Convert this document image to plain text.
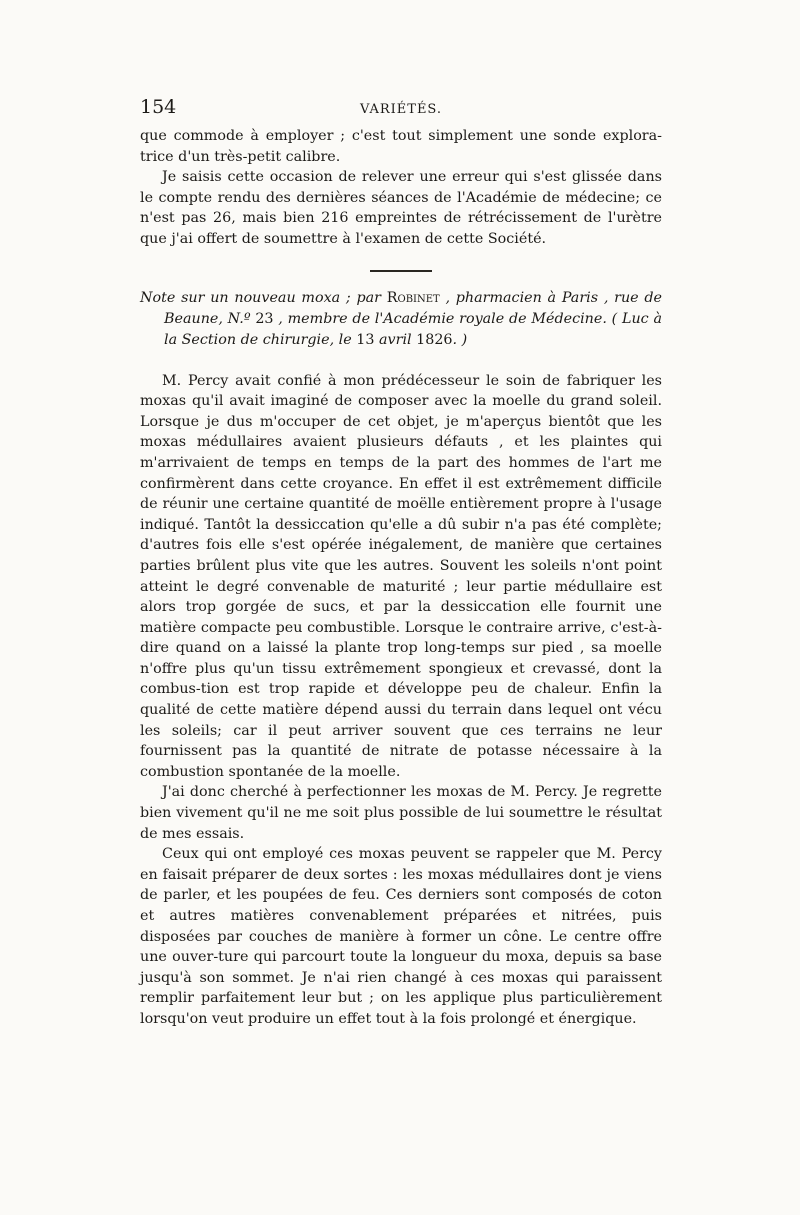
154	VARIÉTÉS.

que commode à employer ; c'est tout simplement une sonde explora-trice d'un très-petit calibre.

Je saisis cette occasion de relever une erreur qui s'est glissée dans le compte rendu des dernières séances de l'Académie de médecine; ce n'est pas 26, mais bien 216 empreintes de rétrécissement de l'urètre que j'ai offert de soumettre à l'examen de cette Société.

Note sur un nouveau moxa ; par Robinet , pharmacien à Paris , rue de Beaune, N.º 23 , membre de l'Académie royale de Médecine. ( Luc à la Section de chirurgie, le 13 avril 1826. )

M. Percy avait confié à mon prédécesseur le soin de fabriquer les moxas qu'il avait imaginé de composer avec la moelle du grand soleil. Lorsque je dus m'occuper de cet objet, je m'aperçus bientôt que les moxas médullaires avaient plusieurs défauts , et les plaintes qui m'arrivaient de temps en temps de la part des hommes de l'art me confirmèrent dans cette croyance. En effet il est extrêmement difficile de réunir une certaine quantité de moëlle entièrement propre à l'usage indiqué. Tantôt la dessiccation qu'elle a dû subir n'a pas été complète; d'autres fois elle s'est opérée inégalement, de manière que certaines parties brûlent plus vite que les autres. Souvent les soleils n'ont point atteint le degré convenable de maturité ; leur partie médullaire est alors trop gorgée de sucs, et par la dessiccation elle fournit une matière compacte peu combustible. Lorsque le contraire arrive, c'est-à-dire quand on a laissé la plante trop long-temps sur pied , sa moelle n'offre plus qu'un tissu extrêmement spongieux et crevassé, dont la combus-tion est trop rapide et développe peu de chaleur. Enfin la qualité de cette matière dépend aussi du terrain dans lequel ont vécu les soleils; car il peut arriver souvent que ces terrains ne leur fournissent pas la quantité de nitrate de potasse nécessaire à la combustion spontanée de la moelle.

J'ai donc cherché à perfectionner les moxas de M. Percy. Je regrette bien vivement qu'il ne me soit plus possible de lui soumettre le résultat de mes essais.

Ceux qui ont employé ces moxas peuvent se rappeler que M. Percy en faisait préparer de deux sortes : les moxas médullaires dont je viens de parler, et les poupées de feu. Ces derniers sont composés de coton et autres matières convenablement préparées et nitrées, puis disposées par couches de manière à former un cône. Le centre offre une ouver-ture qui parcourt toute la longueur du moxa, depuis sa base jusqu'à son sommet. Je n'ai rien changé à ces moxas qui paraissent remplir parfaitement leur but ; on les applique plus particulièrement lorsqu'on veut produire un effet tout à la fois prolongé et énergique.
